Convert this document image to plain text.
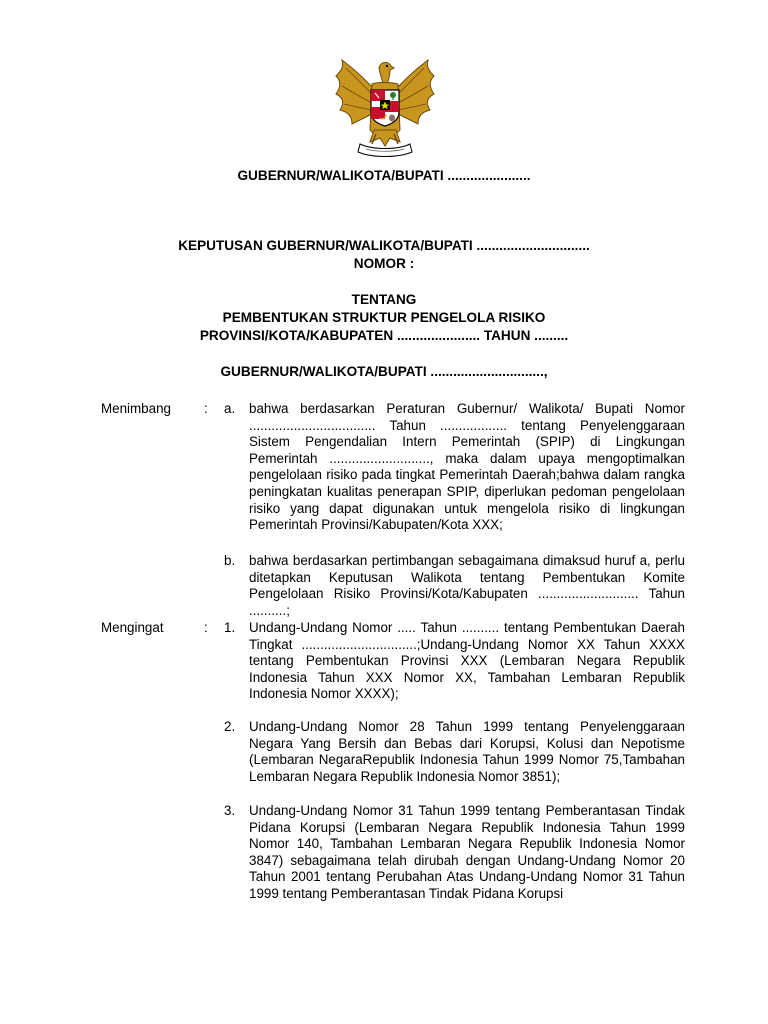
GUBERNUR/WALIKOTA/BUPATI ......................
KEPUTUSAN GUBERNUR/WALIKOTA/BUPATI ..............................
NOMOR :
TENTANG
PEMBENTUKAN STRUKTUR PENGELOLA RISIKO
PROVINSI/KOTA/KABUPATEN ...................... TAHUN .........
GUBERNUR/WALIKOTA/BUPATI ..............................,
Menimbang : a. bahwa berdasarkan Peraturan Gubernur/ Walikota/ Bupati Nomor .................................. Tahun .................. tentang Penyelenggaraan Sistem Pengendalian Intern Pemerintah (SPIP) di Lingkungan Pemerintah ..........................., maka dalam upaya mengoptimalkan pengelolaan risiko pada tingkat Pemerintah Daerah;bahwa dalam rangka peningkatan kualitas penerapan SPIP, diperlukan pedoman pengelolaan risiko yang dapat digunakan untuk mengelola risiko di lingkungan Pemerintah Provinsi/Kabupaten/Kota XXX;
b. bahwa berdasarkan pertimbangan sebagaimana dimaksud huruf a, perlu ditetapkan Keputusan Walikota tentang Pembentukan Komite Pengelolaan Risiko Provinsi/Kota/Kabupaten ........................... Tahun ..........;
Mengingat	: 1. Undang-Undang Nomor ..... Tahun .......... tentang Pembentukan Daerah Tingkat ...............................;Undang-Undang Nomor XX Tahun XXXX tentang Pembentukan Provinsi XXX (Lembaran Negara Republik Indonesia Tahun XXX Nomor XX, Tambahan Lembaran Republik Indonesia Nomor XXXX);
2. Undang-Undang Nomor 28 Tahun 1999 tentang Penyelenggaraan Negara Yang Bersih dan Bebas dari Korupsi, Kolusi dan Nepotisme (Lembaran NegaraRepublik Indonesia Tahun 1999 Nomor 75,Tambahan Lembaran Negara Republik Indonesia Nomor 3851);
3. Undang-Undang Nomor 31 Tahun 1999 tentang Pemberantasan Tindak Pidana Korupsi (Lembaran Negara Republik Indonesia Tahun 1999 Nomor 140, Tambahan Lembaran Negara Republik Indonesia Nomor 3847) sebagaimana telah dirubah dengan Undang-Undang Nomor 20 Tahun 2001 tentang Perubahan Atas Undang-Undang Nomor 31 Tahun 1999 tentang Pemberantasan Tindak Pidana Korupsi
